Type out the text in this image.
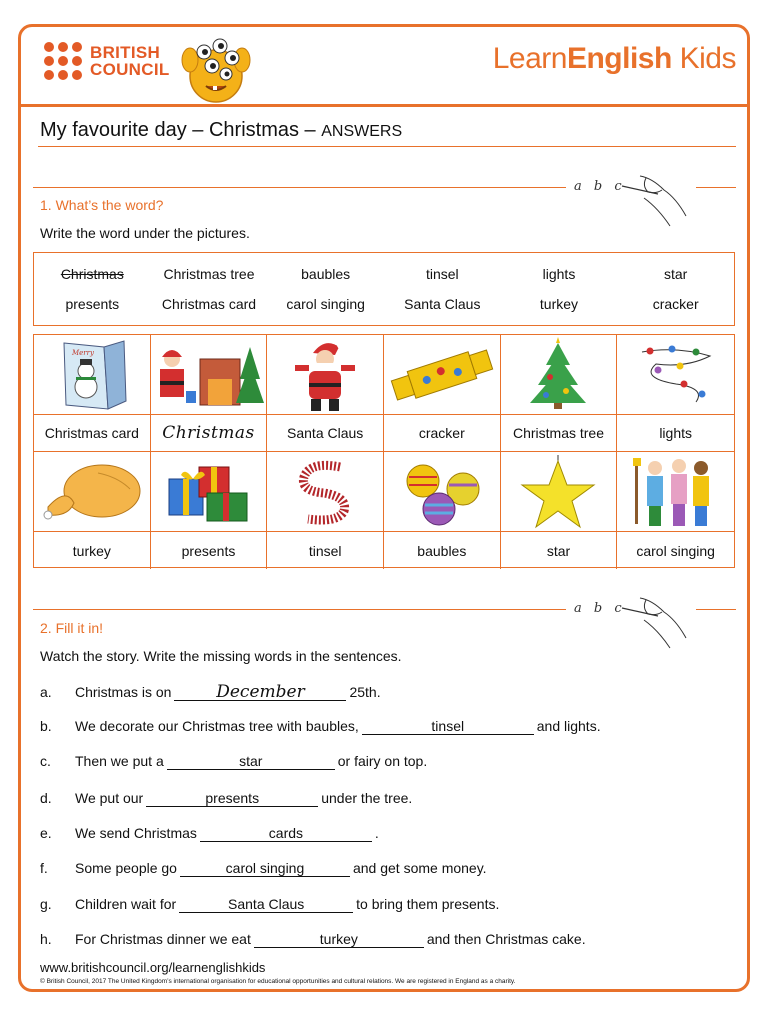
BRITISH
COUNCIL	LearnEnglish Kids
My favourite day – Christmas – ANSWERS
a b c
1. What’s the word?
Write the word under the pictures.
Christmas	Christmas tree	baubles	tinsel	lights	star
presents	Christmas card	carol singing	Santa Claus	turkey	cracker
Merry
Christmas card	Christmas	Santa Claus	cracker	Christmas tree	lights
turkey	presents	tinsel	baubles	star	carol singing
a b c
2. Fill it in!
Watch the story. Write the missing words in the sentences.
a.	Christmas is on	December	25th.
b.	We decorate our Christmas tree with baubles,	tinsel	and lights.
c.	Then we put a	star	or fairy on top.
d.	We put our	presents	under the tree.
e.	We send Christmas	cards	.
f.	Some people go	carol singing	and get some money.
g.	Children wait for	Santa Claus	to bring them presents.
h.	For Christmas dinner we eat	turkey	and then Christmas cake.
www.britishcouncil.org/learnenglishkids
© British Council, 2017 The United Kingdom’s international organisation for educational opportunities and cultural relations. We are registered in England as a charity.
